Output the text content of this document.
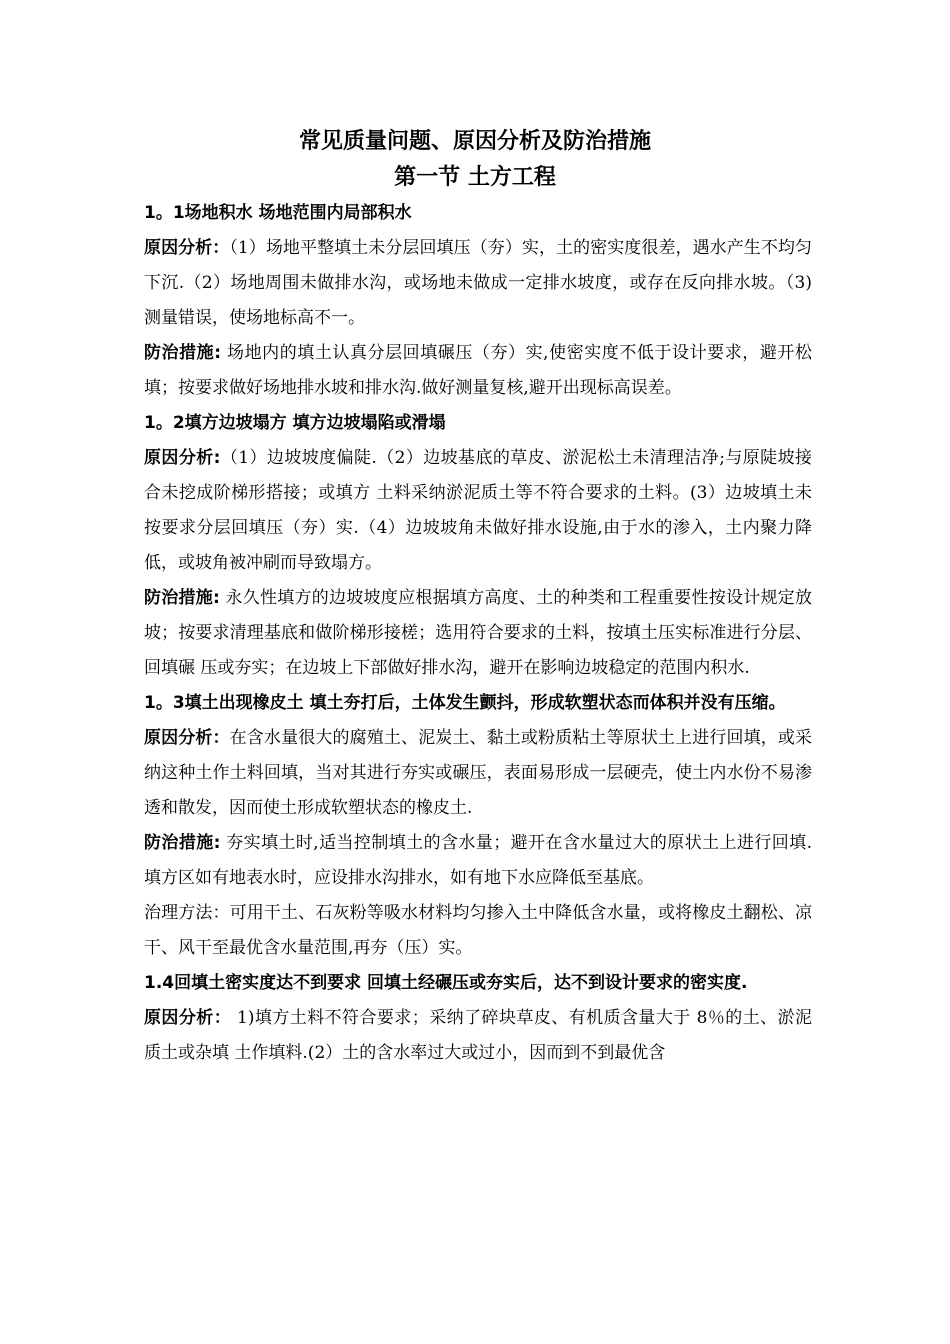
常见质量问题、原因分析及防治措施
第一节 土方工程

1。1场地积水 场地范围内局部积水

原因分析：（1）场地平整填土未分层回填压（夯）实，土的密实度很差，遇水产生不均匀下沉.（2）场地周围未做排水沟，或场地未做成一定排水坡度，或存在反向排水坡。（3)测量错误，使场地标高不一。

防治措施: 场地内的填土认真分层回填碾压（夯）实,使密实度不低于设计要求，避开松填；按要求做好场地排水坡和排水沟.做好测量复核,避开出现标高误差。

1。2填方边坡塌方 填方边坡塌陷或滑塌

原因分析:（1）边坡坡度偏陡.（2）边坡基底的草皮、淤泥松土未清理洁净;与原陡坡接合未挖成阶梯形搭接；或填方 土料采纳淤泥质土等不符合要求的土料。(3）边坡填土未按要求分层回填压（夯）实.（4）边坡坡角未做好排水设施,由于水的渗入，土内聚力降低，或坡角被冲刷而导致塌方。

防治措施: 永久性填方的边坡坡度应根据填方高度、土的种类和工程重要性按设计规定放坡；按要求清理基底和做阶梯形接槎；选用符合要求的土料，按填土压实标准进行分层、回填碾 压或夯实；在边坡上下部做好排水沟，避开在影响边坡稳定的范围内积水.

1。3填土出现橡皮土 填土夯打后，土体发生颤抖，形成软塑状态而体积并没有压缩。

原因分析：在含水量很大的腐殖土、泥炭土、黏土或粉质粘土等原状土上进行回填，或采纳这种土作土料回填，当对其进行夯实或碾压，表面易形成一层硬壳，使土内水份不易渗透和散发，因而使土形成软塑状态的橡皮土.

防治措施: 夯实填土时,适当控制填土的含水量；避开在含水量过大的原状土上进行回填.填方区如有地表水时，应设排水沟排水，如有地下水应降低至基底。

治理方法：可用干土、石灰粉等吸水材料均匀掺入土中降低含水量，或将橡皮土翻松、凉干、风干至最优含水量范围,再夯（压）实。

1.4回填土密实度达不到要求 回填土经碾压或夯实后，达不到设计要求的密实度.

原因分析： 1)填方土料不符合要求；采纳了碎块草皮、有机质含量大于 8％的土、淤泥质土或杂填 土作填料.(2）土的含水率过大或过小，因而到不到最优含
